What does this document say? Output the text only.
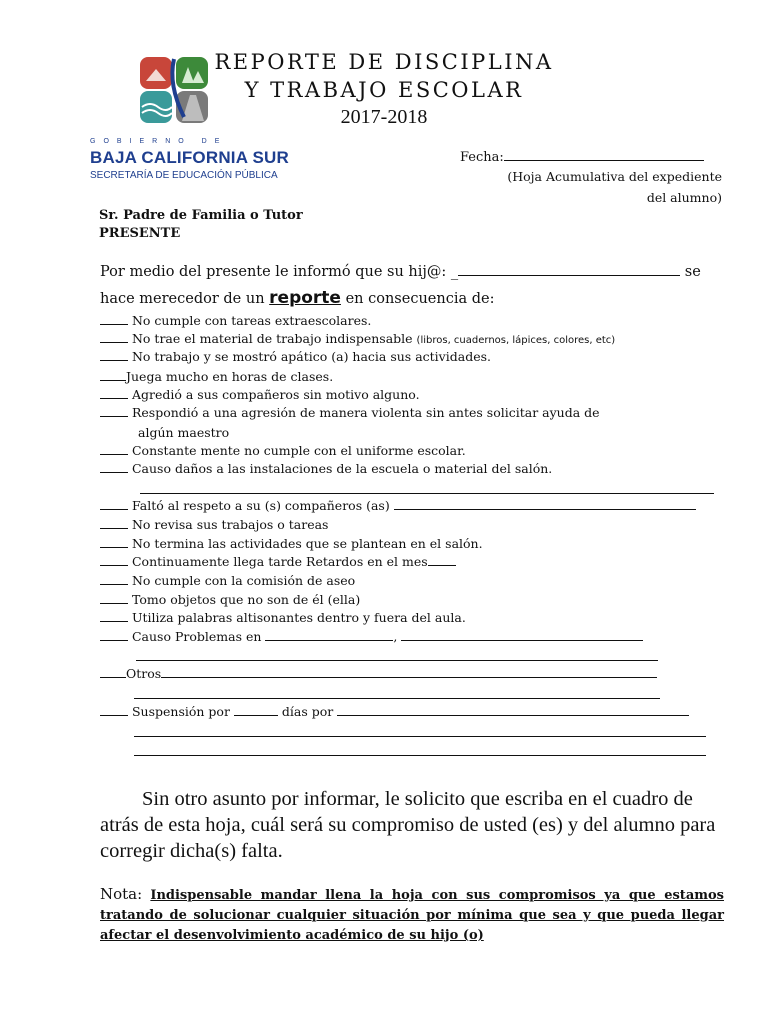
GOBIERNO DE
BAJA CALIFORNIA SUR
SECRETARÍA DE EDUCACIÓN PÚBLICA
REPORTE DE DISCIPLINA
Y TRABAJO ESCOLAR
2017-2018
Fecha:
(Hoja Acumulativa del expediente
del alumno)
Sr. Padre de Familia o Tutor
PRESENTE
Por medio del presente le informó que su hij@: _	se
hace merecedor de un reporte en consecuencia de:
No cumple con tareas extraescolares.
No trae el material de trabajo indispensable (libros, cuadernos, lápices, colores, etc)
No trabajo y se mostró apático (a) hacia sus actividades.
Juega mucho en horas de clases.
Agredió a sus compañeros sin motivo alguno.
Respondió a una agresión de manera violenta sin antes solicitar ayuda de
algún maestro
Constante mente no cumple con el uniforme escolar.
Causo daños a las instalaciones de la escuela o material del salón.
Faltó al respeto a su (s) compañeros (as)
No revisa sus trabajos o tareas
No termina las actividades que se plantean en el salón.
Continuamente llega tarde Retardos en el mes
No cumple con la comisión de aseo
Tomo objetos que no son de él (ella)
Utiliza palabras altisonantes dentro y fuera del aula.
Causo Problemas en	,
Otros
Suspensión por	días por
Sin otro asunto por informar, le solicito que escriba en el cuadro de atrás de esta hoja, cuál será su compromiso de usted (es) y del alumno para corregir dicha(s) falta.
Nota: Indispensable mandar llena la hoja con sus compromisos ya que estamos tratando de solucionar cualquier situación por mínima que sea y que pueda llegar afectar el desenvolvimiento académico de su hijo (o)
